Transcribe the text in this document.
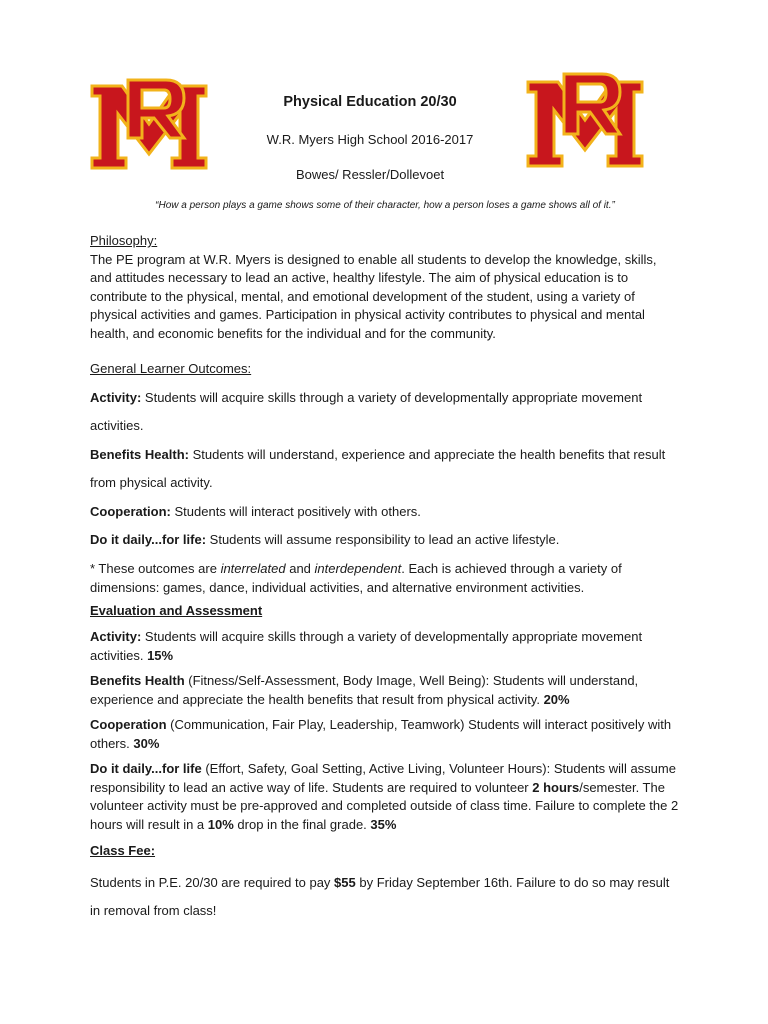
Physical Education 20/30
W.R. Myers High School 2016-2017
Bowes/ Ressler/Dollevoet
“How a person plays a game shows some of their character, how a person loses a game shows all of it.”
Philosophy:
The PE program at W.R. Myers is designed to enable all students to develop the knowledge, skills, and attitudes necessary to lead an active, healthy lifestyle. The aim of physical education is to contribute to the physical, mental, and emotional development of the student, using a variety of physical activities and games. Participation in physical activity contributes to physical and mental health, and economic benefits for the individual and for the community.
General Learner Outcomes:
Activity: Students will acquire skills through a variety of developmentally appropriate movement activities.
Benefits Health: Students will understand, experience and appreciate the health benefits that result from physical activity.
Cooperation: Students will interact positively with others.
Do it daily...for life: Students will assume responsibility to lead an active lifestyle.
* These outcomes are interrelated and interdependent. Each is achieved through a variety of dimensions: games, dance, individual activities, and alternative environment activities.
Evaluation and Assessment
Activity: Students will acquire skills through a variety of developmentally appropriate movement activities. 15%
Benefits Health (Fitness/Self-Assessment, Body Image, Well Being): Students will understand, experience and appreciate the health benefits that result from physical activity. 20%
Cooperation (Communication, Fair Play, Leadership, Teamwork) Students will interact positively with others. 30%
Do it daily...for life (Effort, Safety, Goal Setting, Active Living, Volunteer Hours): Students will assume responsibility to lead an active way of life. Students are required to volunteer 2 hours/semester. The volunteer activity must be pre-approved and completed outside of class time. Failure to complete the 2 hours will result in a 10% drop in the final grade. 35%
Class Fee:
Students in P.E. 20/30 are required to pay $55 by Friday September 16th. Failure to do so may result in removal from class!
